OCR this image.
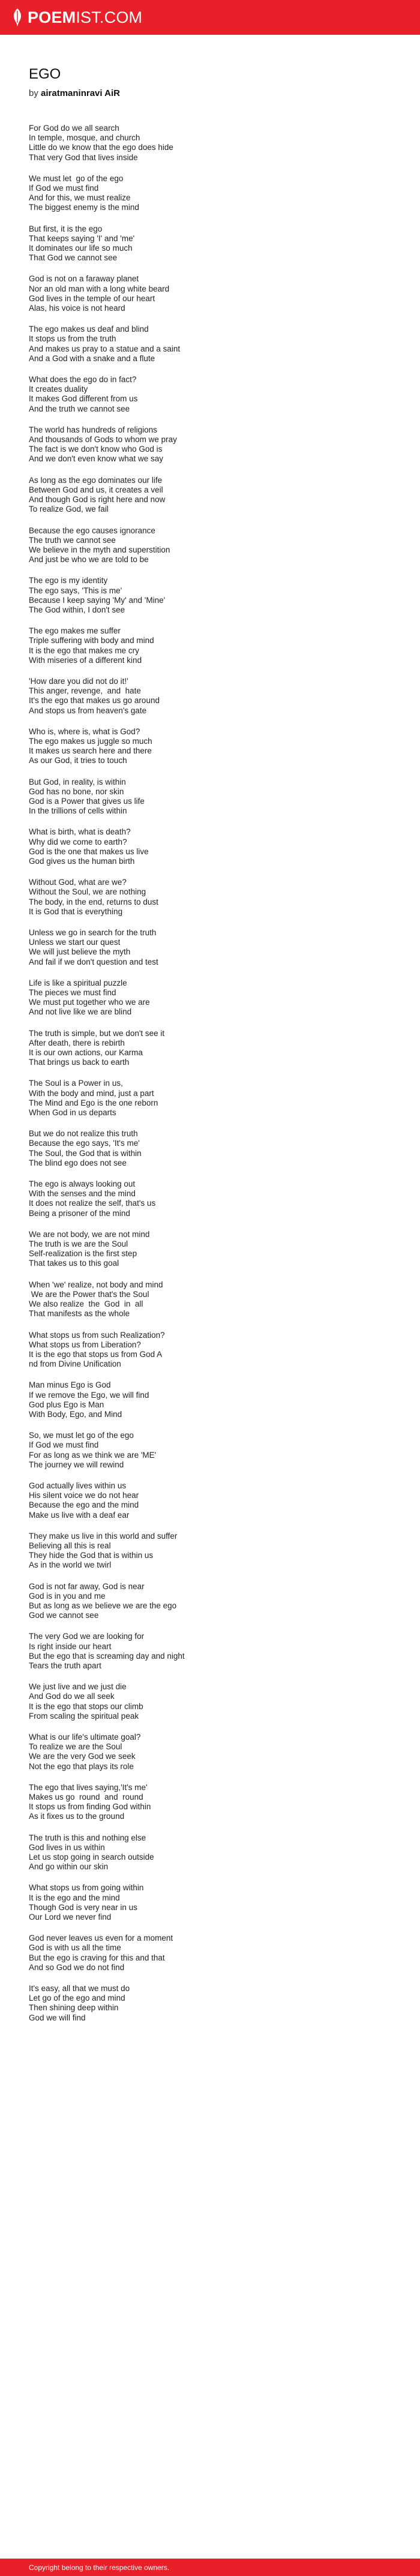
POEM IST.COM
EGO

by airatmaninravi AiR

For God do we all search

In temple, mosque, and church

Little do we know that the ego does hide

That very God that lives inside

We must let  go of the ego

If God we must find

And for this, we must realize

The biggest enemy is the mind

But first, it is the ego

That keeps saying 'I' and 'me'

It dominates our life so much

That God we cannot see

God is not on a faraway planet

Nor an old man with a long white beard

God lives in the temple of our heart

Alas, his voice is not heard

The ego makes us deaf and blind

It stops us from the truth

And makes us pray to a statue and a saint

And a God with a snake and a flute

What does the ego do in fact?

It creates duality

It makes God different from us

And the truth we cannot see

The world has hundreds of religions

And thousands of Gods to whom we pray

The fact is we don't know who God is

And we don't even know what we say

As long as the ego dominates our life

Between God and us, it creates a veil

And though God is right here and now

To realize God, we fail

Because the ego causes ignorance

The truth we cannot see

We believe in the myth and superstition

And just be who we are told to be

The ego is my identity

The ego says, 'This is me'

Because I keep saying 'My' and 'Mine'

The God within, I don't see

The ego makes me suffer

Triple suffering with body and mind

It is the ego that makes me cry

With miseries of a different kind

'How dare you did not do it!'

This anger, revenge,  and  hate

It's the ego that makes us go around

And stops us from heaven's gate

Who is, where is, what is God?

The ego makes us juggle so much

It makes us search here and there

As our God, it tries to touch

But God, in reality, is within

God has no bone, nor skin

God is a Power that gives us life

In the trillions of cells within

What is birth, what is death?

Why did we come to earth?

God is the one that makes us live

God gives us the human birth

Without God, what are we?

Without the Soul, we are nothing

The body, in the end, returns to dust

It is God that is everything

Unless we go in search for the truth

Unless we start our quest

We will just believe the myth

And fail if we don't question and test

Life is like a spiritual puzzle

The pieces we must find

We must put together who we are

And not live like we are blind

The truth is simple, but we don't see it

After death, there is rebirth

It is our own actions, our Karma

That brings us back to earth

The Soul is a Power in us,

With the body and mind, just a part

The Mind and Ego is the one reborn

When God in us departs

But we do not realize this truth

Because the ego says, 'It's me'

The Soul, the God that is within

The blind ego does not see

The ego is always looking out

With the senses and the mind

It does not realize the self, that's us

Being a prisoner of the mind

We are not body, we are not mind

The truth is we are the Soul

Self-realization is the first step

That takes us to this goal

When 'we' realize, not body and mind

We are the Power that's the Soul

We also realize  the  God  in  all

That manifests as the whole

What stops us from such Realization?

What stops us from Liberation?

It is the ego that stops us from God A

nd from Divine Unification

Man minus Ego is God

If we remove the Ego, we will find

God plus Ego is Man

With Body, Ego, and Mind

So, we must let go of the ego

If God we must find

For as long as we think we are 'ME'

The journey we will rewind

God actually lives within us

His silent voice we do not hear

Because the ego and the mind

Make us live with a deaf ear

They make us live in this world and suffer

Believing all this is real

They hide the God that is within us

As in the world we twirl

God is not far away, God is near

God is in you and me

But as long as we believe we are the ego

God we cannot see

The very God we are looking for

Is right inside our heart

But the ego that is screaming day and night

Tears the truth apart

We just live and we just die

And God do we all seek

It is the ego that stops our climb

From scaling the spiritual peak

What is our life's ultimate goal?

To realize we are the Soul

We are the very God we seek

Not the ego that plays its role

The ego that lives saying,'It's me'

Makes us go  round  and  round

It stops us from finding God within

As it fixes us to the ground

The truth is this and nothing else

God lives in us within

Let us stop going in search outside

And go within our skin

What stops us from going within

It is the ego and the mind

Though God is very near in us

Our Lord we never find

God never leaves us even for a moment

God is with us all the time

But the ego is craving for this and that

And so God we do not find

It's easy, all that we must do

Let go of the ego and mind

Then shining deep within

God we will find

Copyright belong to their respective owners.
